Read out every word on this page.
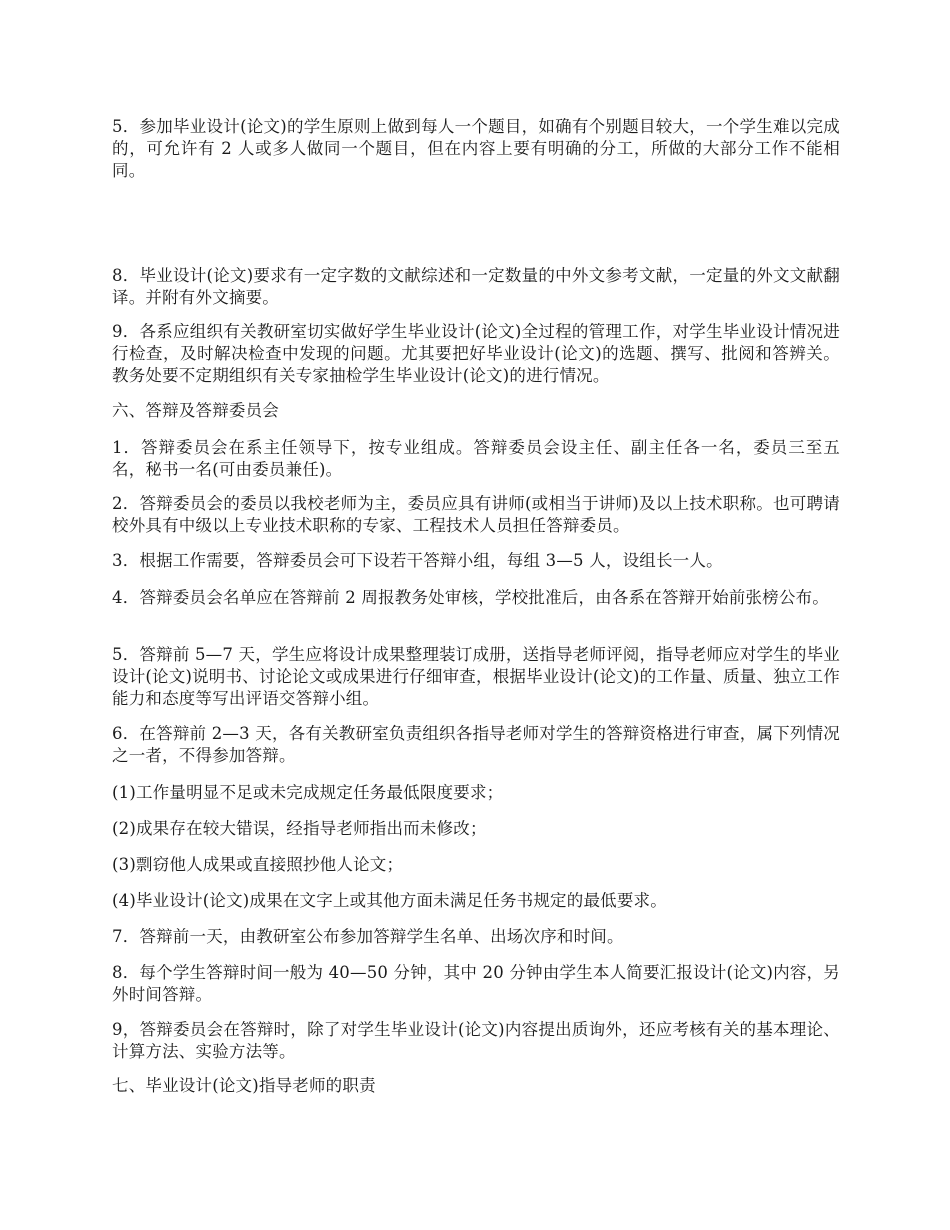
5．参加毕业设计(论文)的学生原则上做到每人一个题目，如确有个别题目较大，一个学生难以完成的，可允许有 2 人或多人做同一个题目，但在内容上要有明确的分工，所做的大部分工作不能相同。

8．毕业设计(论文)要求有一定字数的文献综述和一定数量的中外文参考文献，一定量的外文文献翻译。并附有外文摘要。

9．各系应组织有关教研室切实做好学生毕业设计(论文)全过程的管理工作，对学生毕业设计情况进行检查，及时解决检查中发现的问题。尤其要把好毕业设计(论文)的选题、撰写、批阅和答辨关。教务处要不定期组织有关专家抽检学生毕业设计(论文)的进行情况。

六、答辩及答辩委员会

1．答辩委员会在系主任领导下，按专业组成。答辩委员会设主任、副主任各一名，委员三至五名，秘书一名(可由委员兼任)。

2．答辩委员会的委员以我校老师为主，委员应具有讲师(或相当于讲师)及以上技术职称。也可聘请校外具有中级以上专业技术职称的专家、工程技术人员担任答辩委员。

3．根据工作需要，答辩委员会可下设若干答辩小组，每组 3—5 人，设组长一人。

4．答辩委员会名单应在答辩前 2 周报教务处审核，学校批准后，由各系在答辩开始前张榜公布。

5．答辩前 5—7 天，学生应将设计成果整理装订成册，送指导老师评阅，指导老师应对学生的毕业设计(论文)说明书、讨论论文或成果进行仔细审查，根据毕业设计(论文)的工作量、质量、独立工作能力和态度等写出评语交答辩小组。

6．在答辩前 2—3 天，各有关教研室负责组织各指导老师对学生的答辩资格进行审查，属下列情况之一者，不得参加答辩。

(1)工作量明显不足或未完成规定任务最低限度要求；

(2)成果存在较大错误，经指导老师指出而未修改；

(3)剽窃他人成果或直接照抄他人论文；

(4)毕业设计(论文)成果在文字上或其他方面未满足任务书规定的最低要求。

7．答辩前一天，由教研室公布参加答辩学生名单、出场次序和时间。

8．每个学生答辩时间一般为 40—50 分钟，其中 20 分钟由学生本人简要汇报设计(论文)内容，另外时间答辩。

9，答辩委员会在答辩时，除了对学生毕业设计(论文)内容提出质询外，还应考核有关的基本理论、计算方法、实验方法等。

七、毕业设计(论文)指导老师的职责
